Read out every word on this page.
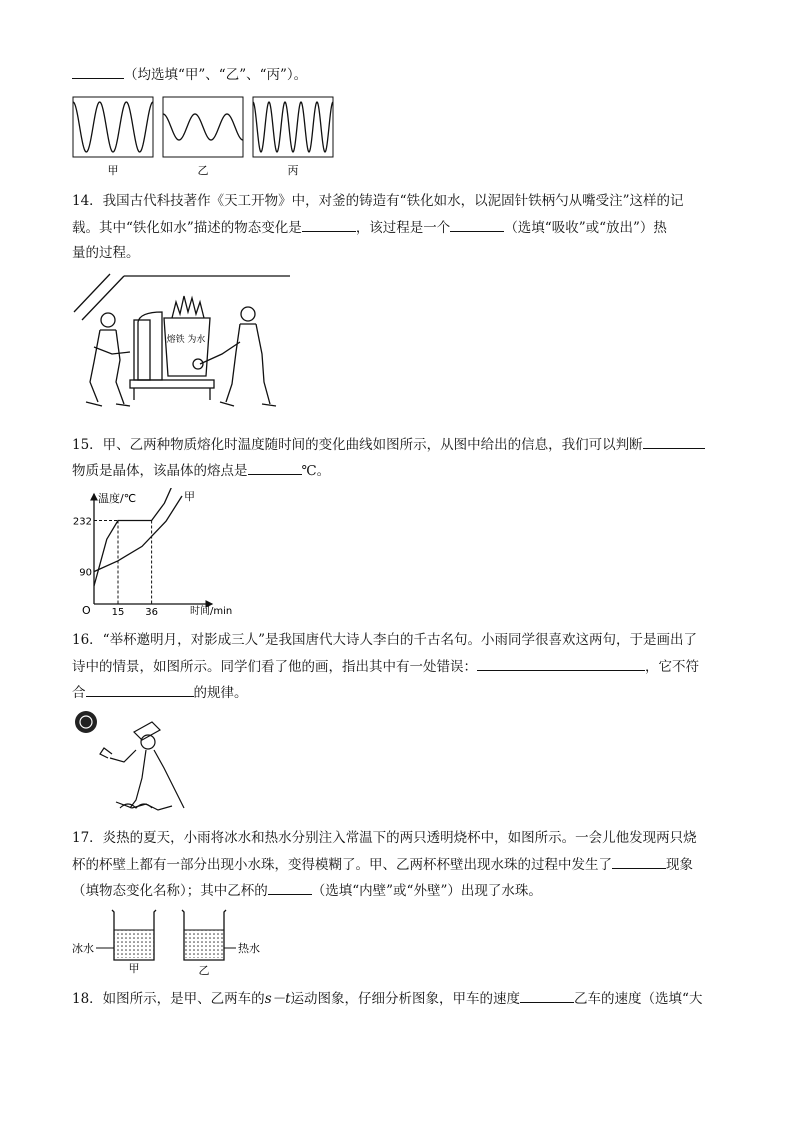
（均选填“甲”、“乙”、“丙”）。
甲	乙	丙
14．我国古代科技著作《天工开物》中，对釜的铸造有“铁化如水，以泥固针铁柄勺从嘴受注”这样的记
载。其中“铁化如水”描述的物态变化是	，该过程是一个	（选填“吸收”或“放出”）热
量的过程。
熔铁 为水
15．甲、乙两种物质熔化时温度随时间的变化曲线如图所示，从图中给出的信息，我们可以判断
物质是晶体，该晶体的熔点是	℃。
甲
15 36
232
90
温度/℃
时间/min
O
16．“举杯邀明月，对影成三人”是我国唐代大诗人李白的千古名句。小雨同学很喜欢这两句，于是画出了
诗中的情景，如图所示。同学们看了他的画，指出其中有一处错误：	，它不符
合	的规律。
17．炎热的夏天，小雨将冰水和热水分别注入常温下的两只透明烧杯中，如图所示。一会儿他发现两只烧
杯的杯壁上都有一部分出现小水珠，变得模糊了。甲、乙两杯杯壁出现水珠的过程中发生了	现象
（填物态变化名称）；其中乙杯的	（选填“内壁”或“外壁”）出现了水珠。
冰水	热水
甲	乙
18．如图所示，是甲、乙两车的s－t运动图象，仔细分析图象，甲车的速度	乙车的速度（选填“大
